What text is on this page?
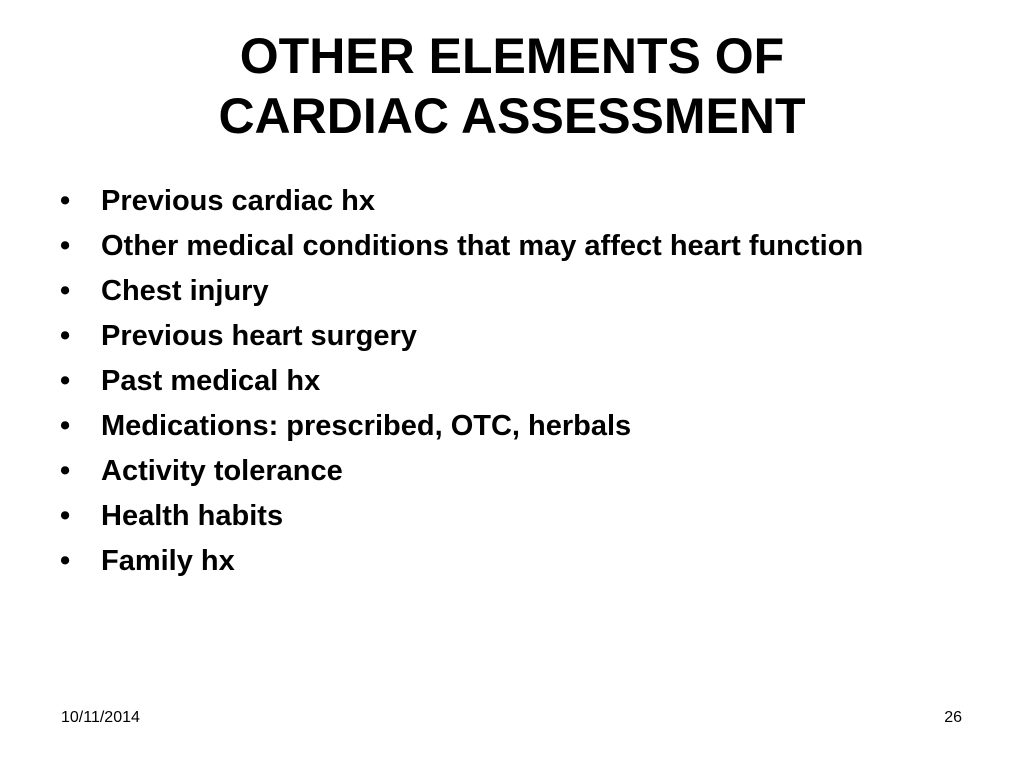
OTHER ELEMENTS OF
CARDIAC ASSESSMENT
• Previous cardiac hx
• Other medical conditions that may affect heart function
• Chest injury
• Previous heart surgery
• Past medical hx
• Medications: prescribed, OTC, herbals
• Activity tolerance
• Health habits
• Family hx
10/11/2014	26
